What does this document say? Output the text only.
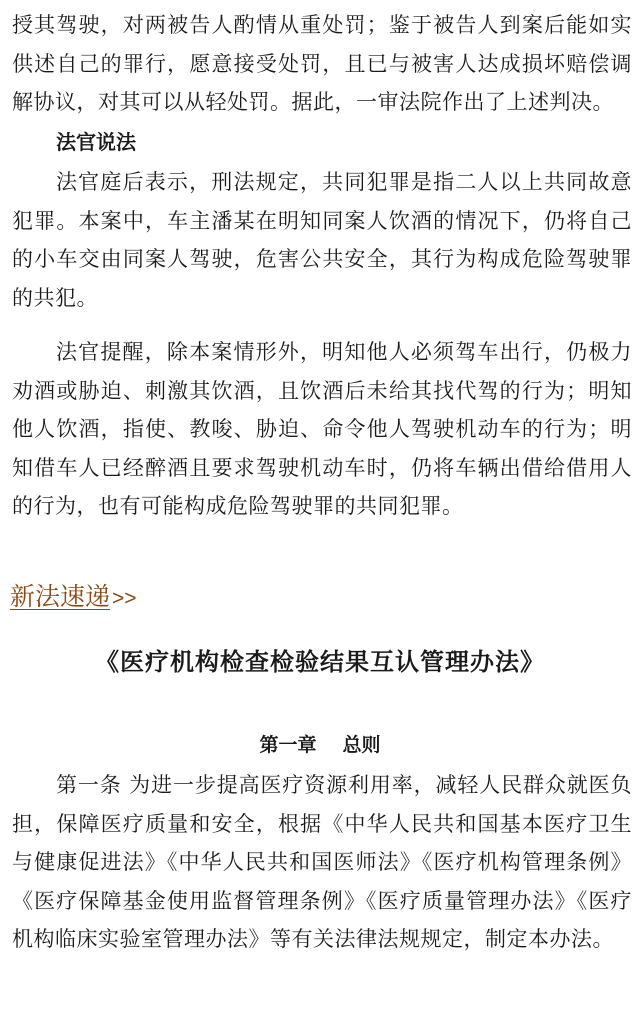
授其驾驶，对两被告人酌情从重处罚；鉴于被告人到案后能如实供述自己的罪行，愿意接受处罚，且已与被害人达成损坏赔偿调解协议，对其可以从轻处罚。据此，一审法院作出了上述判决。

法官说法

法官庭后表示，刑法规定，共同犯罪是指二人以上共同故意犯罪。本案中，车主潘某在明知同案人饮酒的情况下，仍将自己的小车交由同案人驾驶，危害公共安全，其行为构成危险驾驶罪的共犯。

法官提醒，除本案情形外，明知他人必须驾车出行，仍极力劝酒或胁迫、刺激其饮酒，且饮酒后未给其找代驾的行为；明知他人饮酒，指使、教唆、胁迫、命令他人驾驶机动车的行为；明知借车人已经醉酒且要求驾驶机动车时，仍将车辆出借给借用人的行为，也有可能构成危险驾驶罪的共同犯罪。

新法速递>>
《医疗机构检查检验结果互认管理办法》
第一章 总则

第一条 为进一步提高医疗资源利用率，减轻人民群众就医负担，保障医疗质量和安全，根据《中华人民共和国基本医疗卫生与健康促进法》《中华人民共和国医师法》《医疗机构管理条例》《医疗保障基金使用监督管理条例》《医疗质量管理办法》《医疗机构临床实验室管理办法》等有关法律法规规定，制定本办法。
